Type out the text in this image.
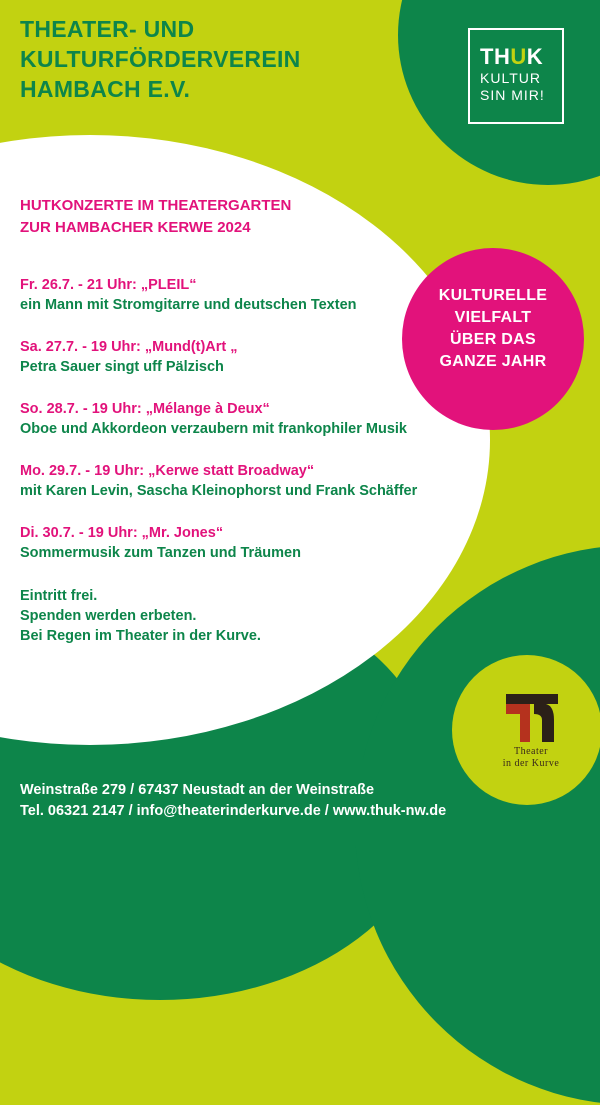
THEATER- UND
KULTURFÖRDERVEREIN
HAMBACH E.V.
THUK
KULTUR
SIN MIR!
HUTKONZERTE IM THEATERGARTEN
ZUR HAMBACHER KERWE 2024
Fr. 26.7. - 21 Uhr: „PLEIL“
ein Mann mit Stromgitarre und deutschen Texten
Sa. 27.7. - 19 Uhr: „Mund(t)Art „
Petra Sauer singt uff Pälzisch
So. 28.7. - 19 Uhr: „Mélange à Deux“
Oboe und Akkordeon verzaubern mit frankophiler Musik
Mo. 29.7. - 19 Uhr: „Kerwe statt Broadway“
mit Karen Levin, Sascha Kleinophorst und Frank Schäffer
Di. 30.7. - 19 Uhr: „Mr. Jones“
Sommermusik zum Tanzen und Träumen
Eintritt frei.
Spenden werden erbeten.
Bei Regen im Theater in der Kurve.
KULTURELLE
VIELFALT
ÜBER DAS
GANZE JAHR
Theater
in der Kurve
Weinstraße 279 / 67437 Neustadt an der Weinstraße
Tel. 06321 2147 / info@theaterinderkurve.de / www.thuk-nw.de
